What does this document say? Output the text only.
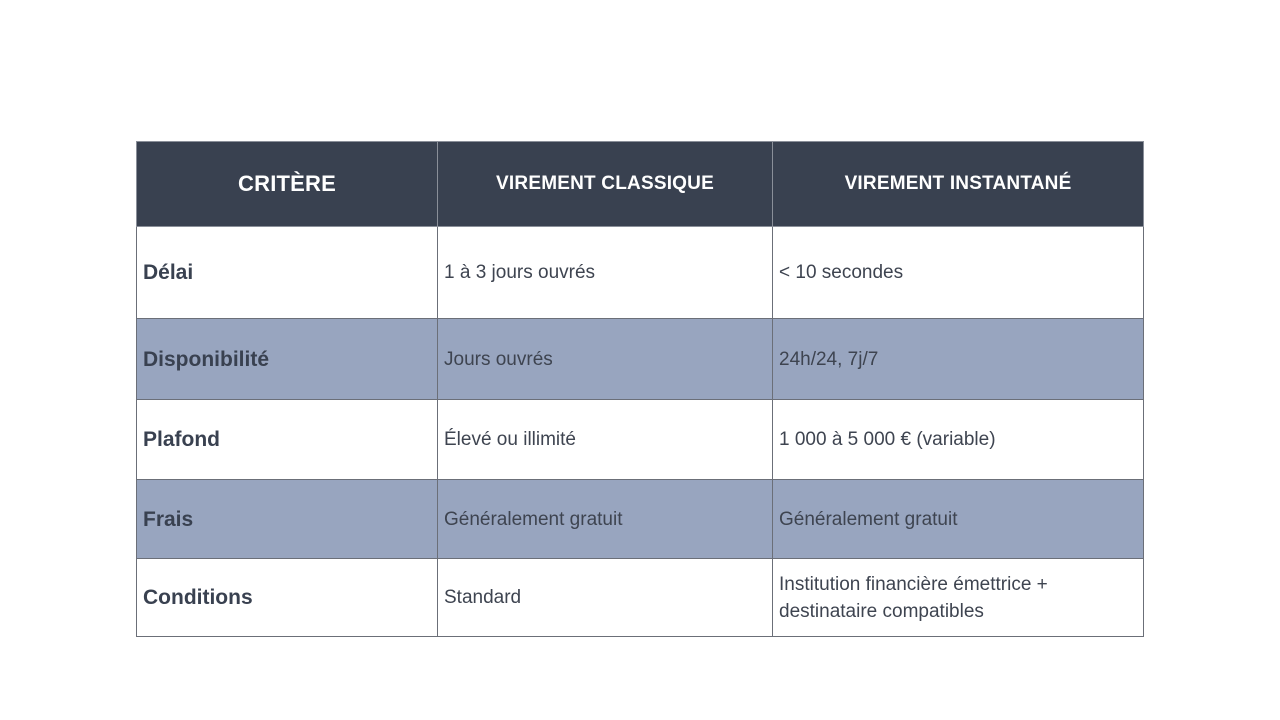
CRITÈRE	VIREMENT CLASSIQUE	VIREMENT INSTANTANÉ
Délai	1 à 3 jours ouvrés	< 10 secondes
Disponibilité	Jours ouvrés	24h/24, 7j/7
Plafond	Élevé ou illimité	1 000 à 5 000 € (variable)
Frais	Généralement gratuit	Généralement gratuit
Conditions	Standard	Institution financière émettrice + destinataire compatibles
